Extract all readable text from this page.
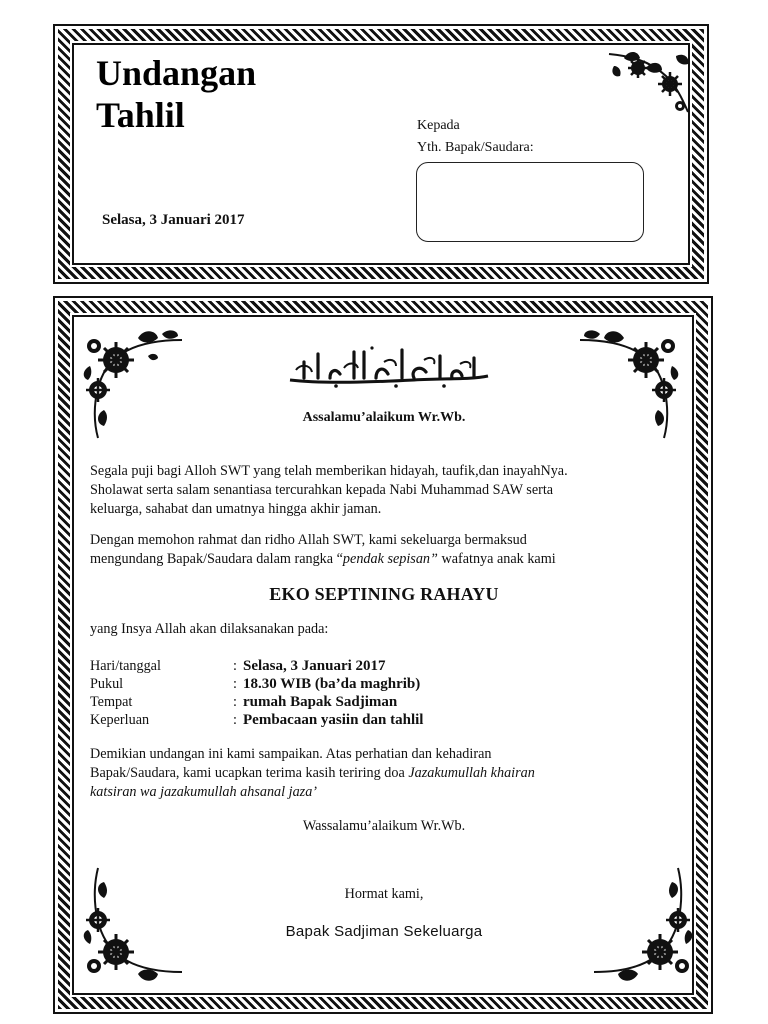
Undangan
Tahlil
Selasa, 3 Januari 2017
Kepada
Yth. Bapak/Saudara:
Assalamu’alaikum Wr.Wb.
Segala puji bagi Alloh SWT yang telah memberikan hidayah, taufik,dan inayahNya.
Sholawat serta salam senantiasa tercurahkan kepada Nabi Muhammad SAW serta
keluarga, sahabat dan umatnya hingga akhir jaman.
Dengan memohon rahmat dan ridho Allah SWT, kami sekeluarga bermaksud
mengundang Bapak/Saudara dalam rangka “pendak sepisan” wafatnya anak kami
EKO SEPTINING RAHAYU
yang Insya Allah akan dilaksanakan pada:
Hari/tanggal	: Selasa, 3 Januari 2017
Pukul	: 18.30 WIB (ba’da maghrib)
Tempat	: rumah Bapak Sadjiman
Keperluan	: Pembacaan yasiin dan tahlil
Demikian undangan ini kami sampaikan. Atas perhatian dan kehadiran
Bapak/Saudara, kami ucapkan terima kasih teriring doa Jazakumullah khairan
katsiran wa jazakumullah ahsanal jaza’
Wassalamu’alaikum Wr.Wb.
Hormat kami,
Bapak Sadjiman Sekeluarga
